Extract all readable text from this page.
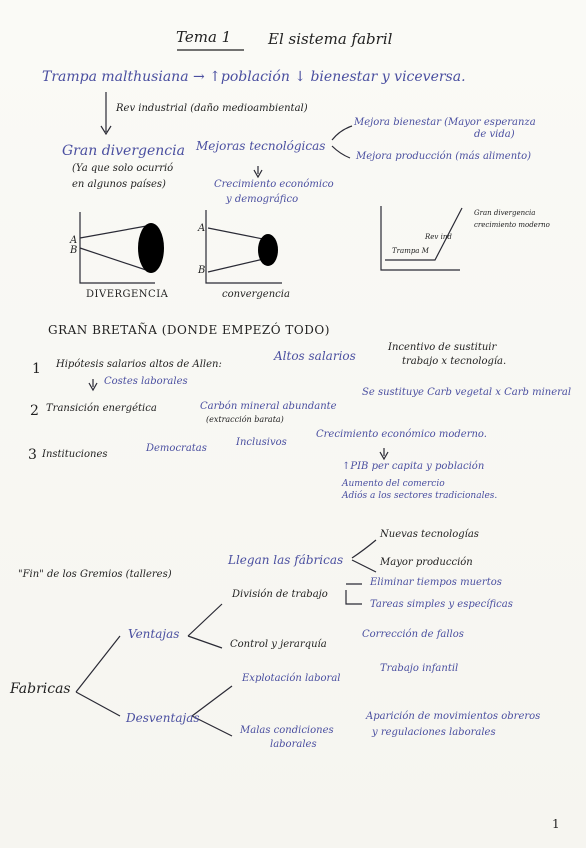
Tema 1 El sistema fabril
Trampa malthusiana → ↑población ↓ bienestar y viceversa.
Rev industrial (daño medioambiental)
Gran divergencia
(Ya que solo ocurrió
en algunos países)
Mejoras tecnológicas
Mejora bienestar (Mayor esperanza
de vida)
Mejora producción (más alimento)
Crecimiento económico
y demográfico
A
B
DIVERGENCIA
A
B
convergencia
Trampa M
Rev ind
Gran divergencia
crecimiento moderno
GRAN BRETAÑA (DONDE EMPEZÓ TODO)
1 Hipótesis salarios altos de Allen:
Altos salarios
Incentivo de sustituir
trabajo x tecnología.
Costes laborales
2 Transición energética	Carbón mineral abundante
(extracción barata)
Se sustituye Carb vegetal x Carb mineral
3 Instituciones
Democratas
Inclusivos
Crecimiento económico moderno.
↑PIB per capita y población
Aumento del comercio
Adiós a los sectores tradicionales.
"Fin" de los Gremios (talleres)
Llegan las fábricas
Nuevas tecnologías
Mayor producción
Fabricas
Ventajas
División de trabajo
Eliminar tiempos muertos
Tareas simples y específicas
Control y jerarquía
Corrección de fallos
Desventajas
Explotación laboral
Trabajo infantil
Malas condiciones
laborales
Aparición de movimientos obreros
y regulaciones laborales
1
